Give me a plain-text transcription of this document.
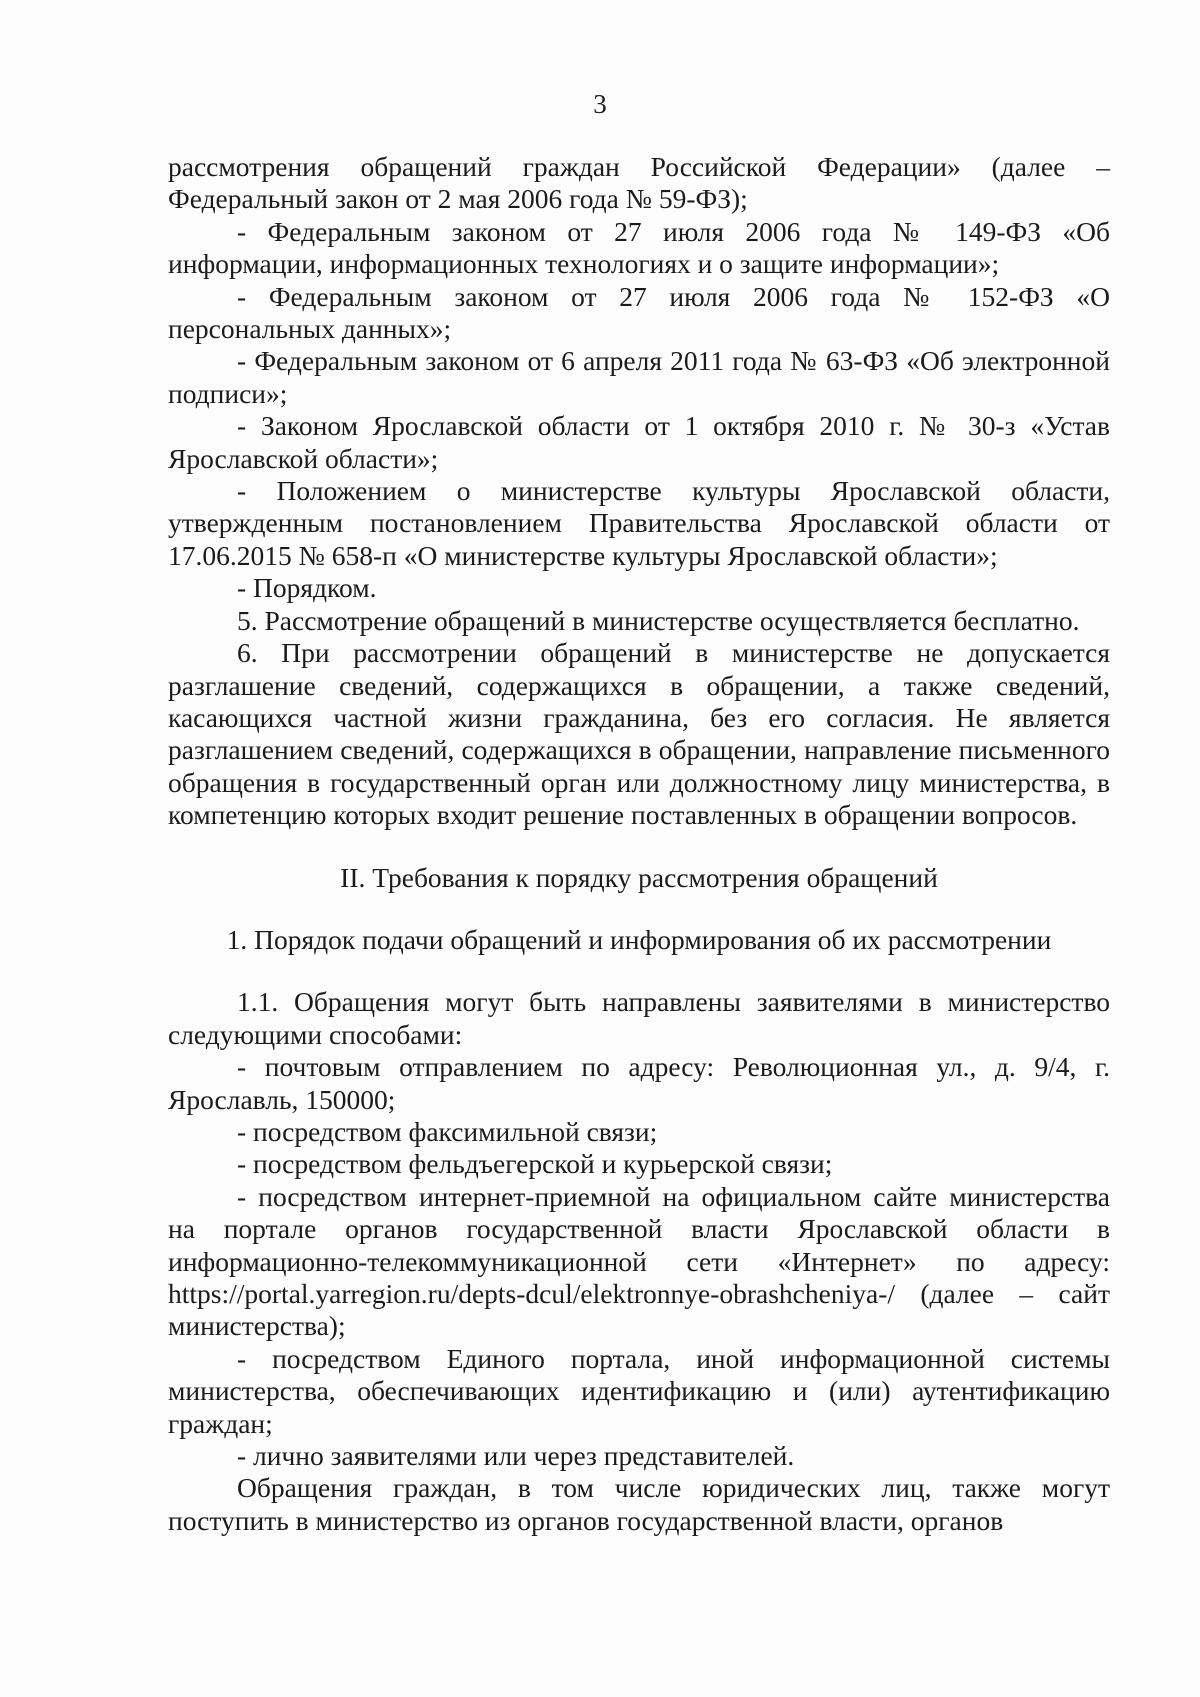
3

рассмотрения обращений граждан Российской Федерации» (далее – Федеральный закон от 2 мая 2006 года № 59-ФЗ);

- Федеральным законом от 27 июля 2006 года № 149-ФЗ «Об информации, информационных технологиях и о защите информации»;

- Федеральным законом от 27 июля 2006 года № 152-ФЗ «О персональных данных»;

- Федеральным законом от 6 апреля 2011 года № 63-ФЗ «Об электронной подписи»;

- Законом Ярославской области от 1 октября 2010 г. № 30-з «Устав Ярославской области»;

- Положением о министерстве культуры Ярославской области, утвержденным постановлением Правительства Ярославской области от 17.06.2015 № 658-п «О министерстве культуры Ярославской области»;

- Порядком.

5. Рассмотрение обращений в министерстве осуществляется бесплатно.

6. При рассмотрении обращений в министерстве не допускается разглашение сведений, содержащихся в обращении, а также сведений, касающихся частной жизни гражданина, без его согласия. Не является разглашением сведений, содержащихся в обращении, направление письменного обращения в государственный орган или должностному лицу министерства, в компетенцию которых входит решение поставленных в обращении вопросов.

II. Требования к порядку рассмотрения обращений

1. Порядок подачи обращений и информирования об их рассмотрении

1.1. Обращения могут быть направлены заявителями в министерство следующими способами:

- почтовым отправлением по адресу: Революционная ул., д. 9/4, г. Ярославль, 150000;

- посредством факсимильной связи;

- посредством фельдъегерской и курьерской связи;

- посредством интернет-приемной на официальном сайте министерства на портале органов государственной власти Ярославской области в информационно-телекоммуникационной сети «Интернет» по адресу: https://portal.yarregion.ru/depts-dcul/elektronnye-obrashcheniya-/ (далее – сайт министерства);

- посредством Единого портала, иной информационной системы министерства, обеспечивающих идентификацию и (или) аутентификацию граждан;

- лично заявителями или через представителей.

Обращения граждан, в том числе юридических лиц, также могут поступить в министерство из органов государственной власти, органов
